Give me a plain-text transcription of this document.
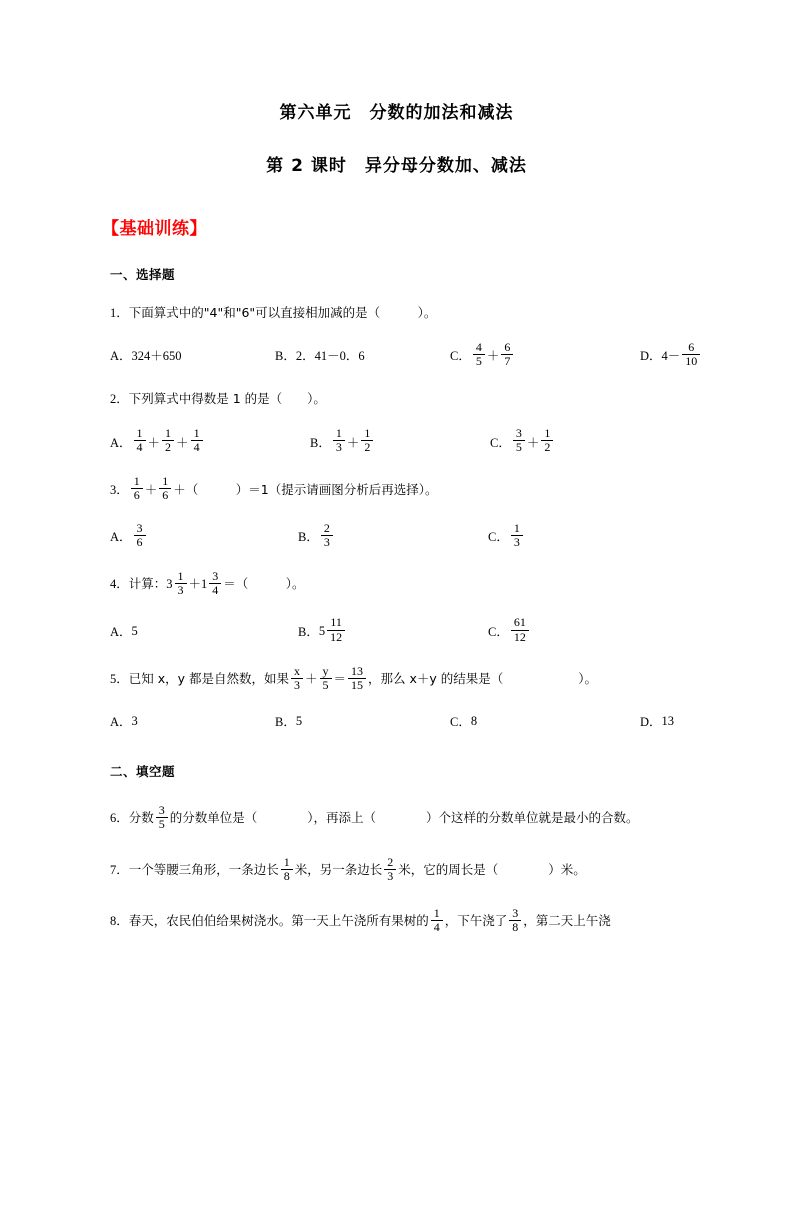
第六单元　分数的加法和减法
第 2 课时　异分母分数加、减法
【基础训练】
一、选择题
1． 下面算式中的"4"和"6"可以直接相加减的是（　　　）。
A． 324＋650	B． 2．41－0．6	C． $\frac{4}{5} + \frac{6}{7}$	D． $4- \frac{6}{10}$
2． 下列算式中得数是 1 的是（　　）。
A． $\frac{1}{4} + \frac{1}{2} + \frac{1}{4}$	B． $\frac{1}{3} + \frac{1}{2}$	C． $\frac{3}{5} + \frac{1}{2}$
3． $\frac{1}{6} + \frac{1}{6}$ ＋（　　　）＝1（提示请画图分析后再选择）。
A． $\frac{3}{6}$	B． $\frac{2}{3}$	C． $\frac{1}{3}$
4． 计算： $3 \frac{1}{3} + 1 \frac{3}{4}$ ＝（　　　）。
A． 5	B． $5 \frac{11}{12}$	C． $\frac{61}{12}$
5． 已知 x，y 都是自然数，如果 $\frac{x}{3} + \frac{y}{5} = \frac{13}{15}$ ，那么 x＋y 的结果是（　　　　　　）。
A． 3	B． 5	C． 8	D． 13
二、填空题
6． 分数 $\frac{3}{5}$ 的分数单位是（　　　　），再添上（　　　　）个这样的分数单位就是最小的合数。
7． 一个等腰三角形，一条边长 $\frac{1}{8}$ 米，另一条边长 $\frac{2}{3}$ 米，它的周长是（　　　　）米。
8． 春天，农民伯伯给果树浇水。第一天上午浇所有果树的 $\frac{1}{4}$ ，下午浇了 $\frac{3}{8}$ ，第二天上午浇
